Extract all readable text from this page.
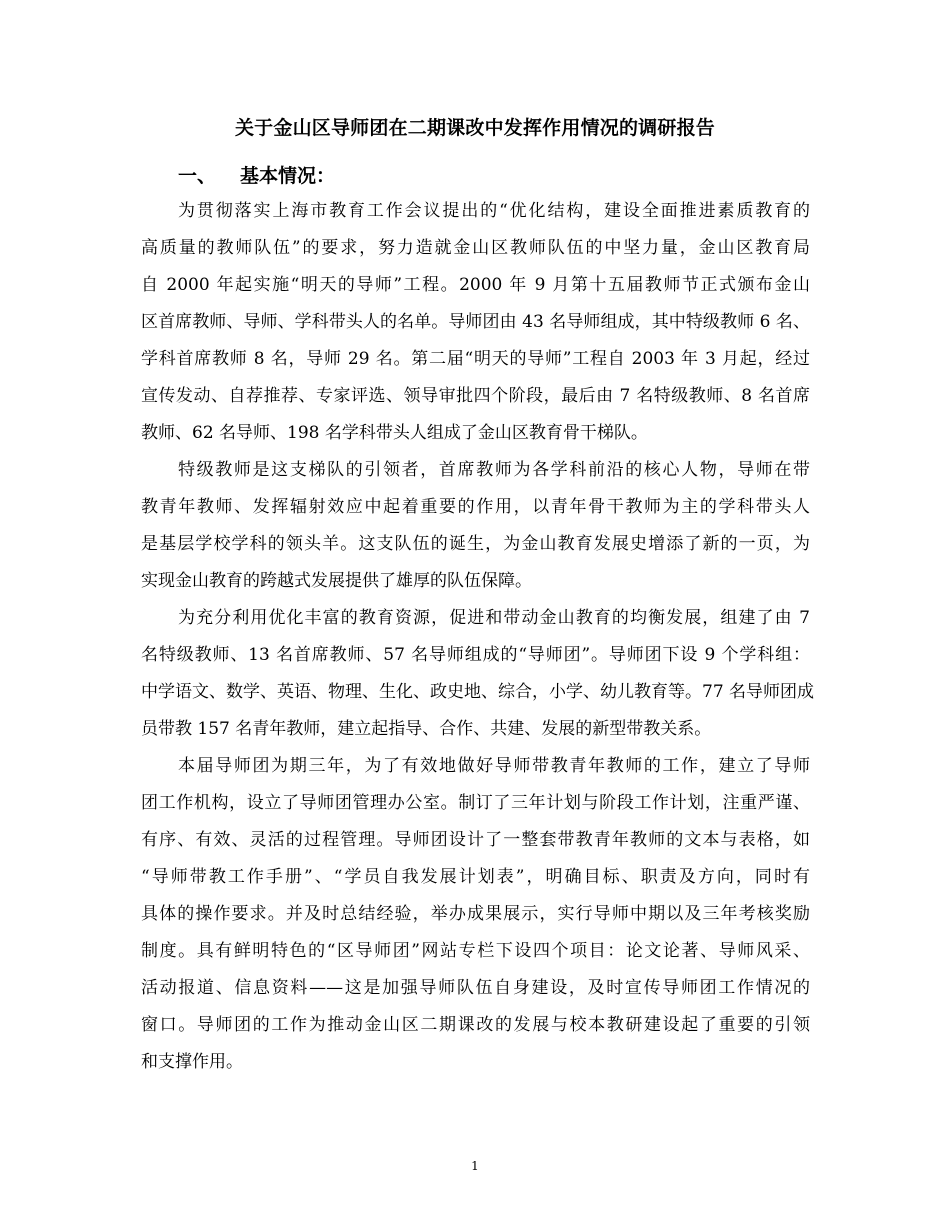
关于金山区导师团在二期课改中发挥作用情况的调研报告
一、 基本情况：
为贯彻落实上海市教育工作会议提出的“优化结构，建设全面推进素质教育的
高质量的教师队伍”的要求，努力造就金山区教师队伍的中坚力量，金山区教育局
自 2000 年起实施“明天的导师”工程。2000 年 9 月第十五届教师节正式颁布金山
区首席教师、导师、学科带头人的名单。导师团由 43 名导师组成，其中特级教师 6 名、
学科首席教师 8 名，导师 29 名。第二届“明天的导师”工程自 2003 年 3 月起，经过
宣传发动、自荐推荐、专家评选、领导审批四个阶段，最后由 7 名特级教师、8 名首席
教师、62 名导师、198 名学科带头人组成了金山区教育骨干梯队。
特级教师是这支梯队的引领者，首席教师为各学科前沿的核心人物，导师在带
教青年教师、发挥辐射效应中起着重要的作用，以青年骨干教师为主的学科带头人
是基层学校学科的领头羊。这支队伍的诞生，为金山教育发展史增添了新的一页，为
实现金山教育的跨越式发展提供了雄厚的队伍保障。
为充分利用优化丰富的教育资源，促进和带动金山教育的均衡发展，组建了由 7
名特级教师、13 名首席教师、57 名导师组成的“导师团”。导师团下设 9 个学科组：
中学语文、数学、英语、物理、生化、政史地、综合，小学、幼儿教育等。77 名导师团成
员带教 157 名青年教师，建立起指导、合作、共建、发展的新型带教关系。
本届导师团为期三年，为了有效地做好导师带教青年教师的工作，建立了导师
团工作机构，设立了导师团管理办公室。制订了三年计划与阶段工作计划，注重严谨、
有序、有效、灵活的过程管理。导师团设计了一整套带教青年教师的文本与表格，如
“导师带教工作手册”、“学员自我发展计划表”，明确目标、职责及方向，同时有
具体的操作要求。并及时总结经验，举办成果展示，实行导师中期以及三年考核奖励
制度。具有鲜明特色的“区导师团”网站专栏下设四个项目：论文论著、导师风采、
活动报道、信息资料——这是加强导师队伍自身建设，及时宣传导师团工作情况的
窗口。导师团的工作为推动金山区二期课改的发展与校本教研建设起了重要的引领
和支撑作用。
1
